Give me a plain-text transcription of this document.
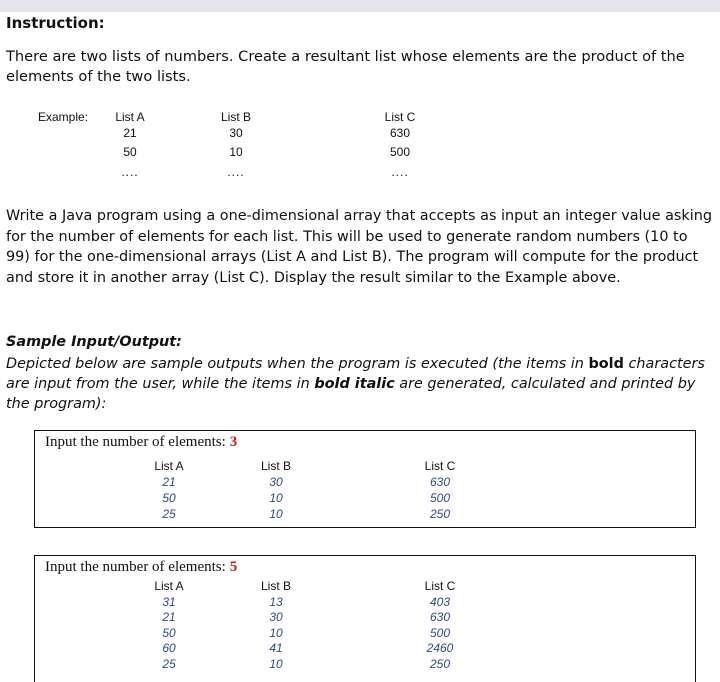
Instruction:
There are two lists of numbers. Create a resultant list whose elements are the product of the elements of the two lists.
Example:	List A
21
50
....
List B
30
10
....
List C
630
500
....
Write a Java program using a one-dimensional array that accepts as input an integer value asking for the number of elements for each list. This will be used to generate random numbers (10 to 99) for the one-dimensional arrays (List A and List B). The program will compute for the product and store it in another array (List C). Display the result similar to the Example above.
Sample Input/Output:
Depicted below are sample outputs when the program is executed (the items in bold characters are input from the user, while the items in bold italic are generated, calculated and printed by the program):
Input the number of elements: 3
List A
21
50
25
List B
30
10
10
List C
630
500
250
Input the number of elements: 5
List A
31
21
50
60
25
List B
13
30
10
41
10
List C
403
630
500
2460
250
